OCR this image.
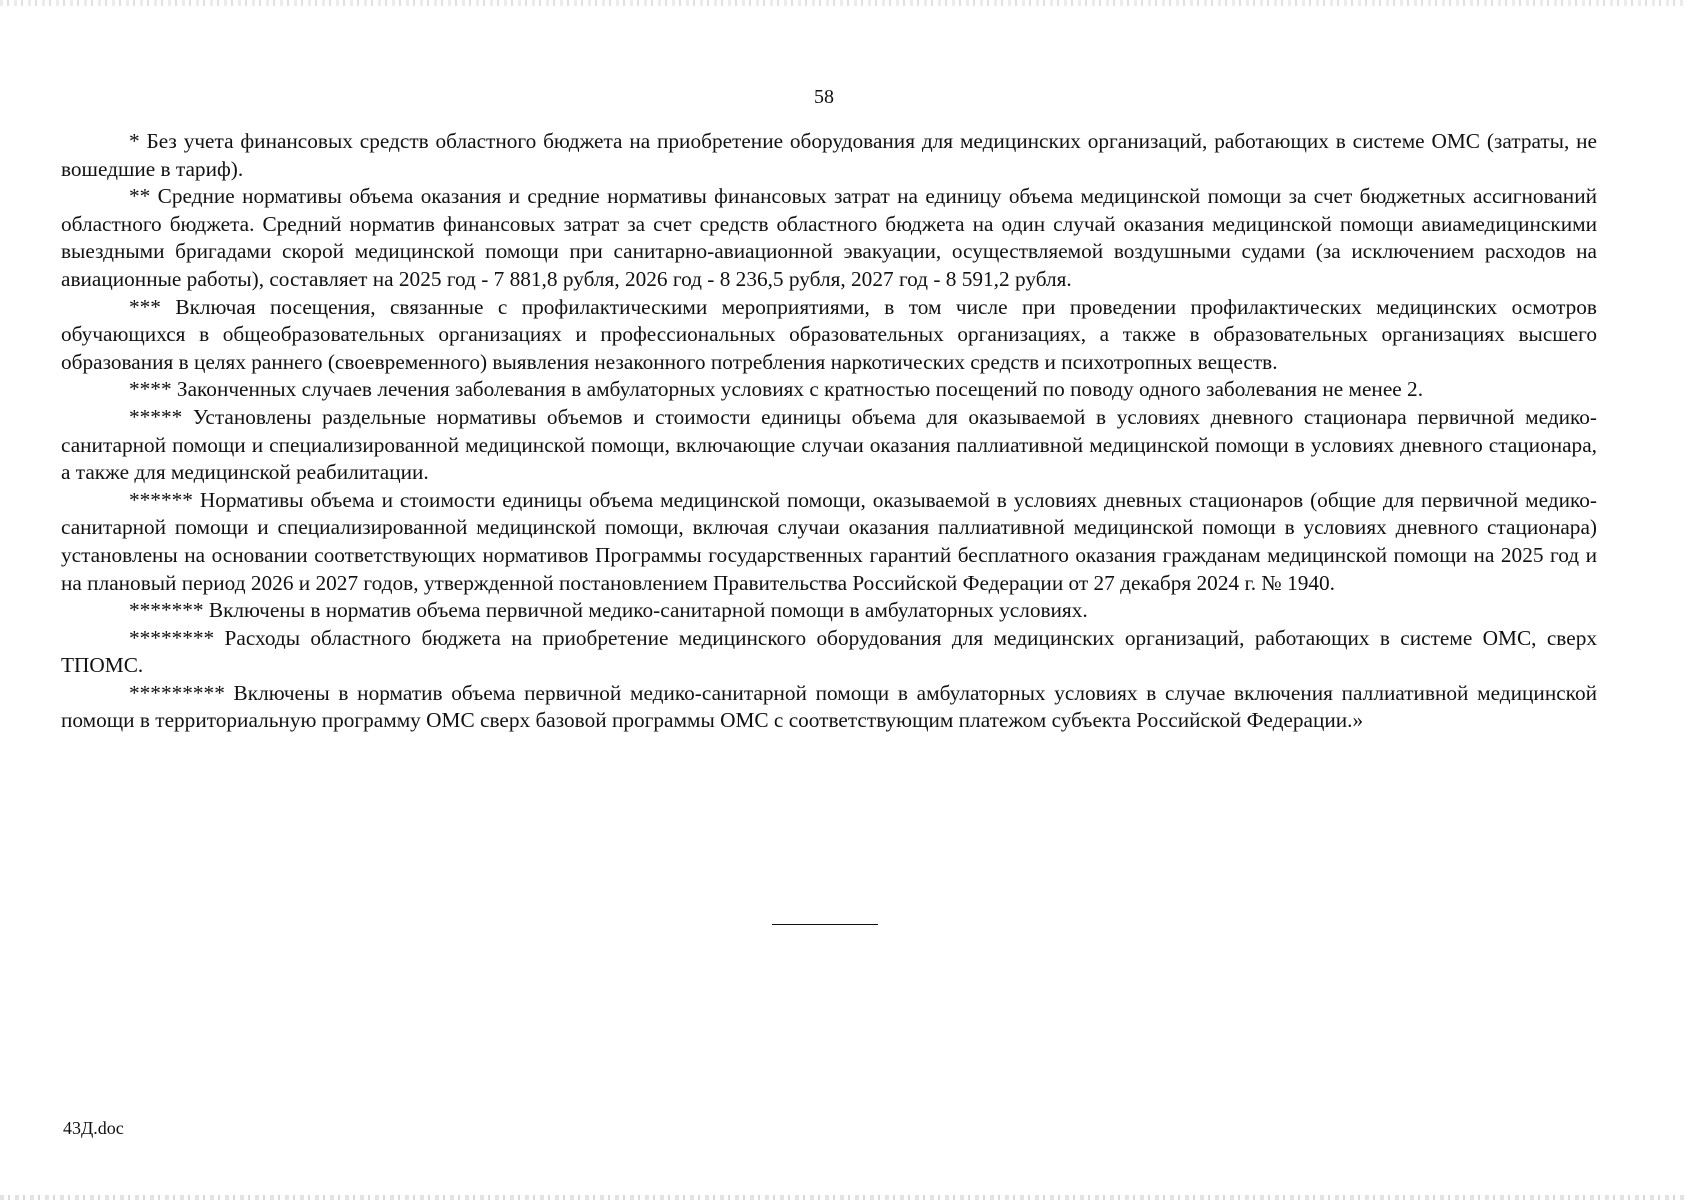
58

* Без учета финансовых средств областного бюджета на приобретение оборудования для медицинских организаций, работающих в системе ОМС (затраты, не вошедшие в тариф).

** Средние нормативы объема оказания и средние нормативы финансовых затрат на единицу объема медицинской помощи за счет бюджетных ассигнований областного бюджета. Средний норматив финансовых затрат за счет средств областного бюджета на один случай оказания медицинской помощи авиамедицинскими выездными бригадами скорой медицинской помощи при санитарно-авиационной эвакуации, осуществляемой воздушными судами (за исключением расходов на авиационные работы), составляет на 2025 год - 7 881,8 рубля, 2026 год - 8 236,5 рубля, 2027 год - 8 591,2 рубля.

*** Включая посещения, связанные с профилактическими мероприятиями, в том числе при проведении профилактических медицинских осмотров обучающихся в общеобразовательных организациях и профессиональных образовательных организациях, а также в образовательных организациях высшего образования в целях раннего (своевременного) выявления незаконного потребления наркотических средств и психотропных веществ.

**** Законченных случаев лечения заболевания в амбулаторных условиях с кратностью посещений по поводу одного заболевания не менее 2.

***** Установлены раздельные нормативы объемов и стоимости единицы объема для оказываемой в условиях дневного стационара первичной медико-санитарной помощи и специализированной медицинской помощи, включающие случаи оказания паллиативной медицинской помощи в условиях дневного стационара, а также для медицинской реабилитации.

****** Нормативы объема и стоимости единицы объема медицинской помощи, оказываемой в условиях дневных стационаров (общие для первичной медико-санитарной помощи и специализированной медицинской помощи, включая случаи оказания паллиативной медицинской помощи в условиях дневного стационара) установлены на основании соответствующих нормативов Программы государственных гарантий бесплатного оказания гражданам медицинской помощи на 2025 год и на плановый период 2026 и 2027 годов, утвержденной постановлением Правительства Российской Федерации от 27 декабря 2024 г. № 1940.

******* Включены в норматив объема первичной медико-санитарной помощи в амбулаторных условиях.

******** Расходы областного бюджета на приобретение медицинского оборудования для медицинских организаций, работающих в системе ОМС, сверх ТПОМС.

********* Включены в норматив объема первичной медико-санитарной помощи в амбулаторных условиях в случае включения паллиативной медицинской помощи в территориальную программу ОМС сверх базовой программы ОМС с соответствующим платежом субъекта Российской Федерации.»

43Д.doc
